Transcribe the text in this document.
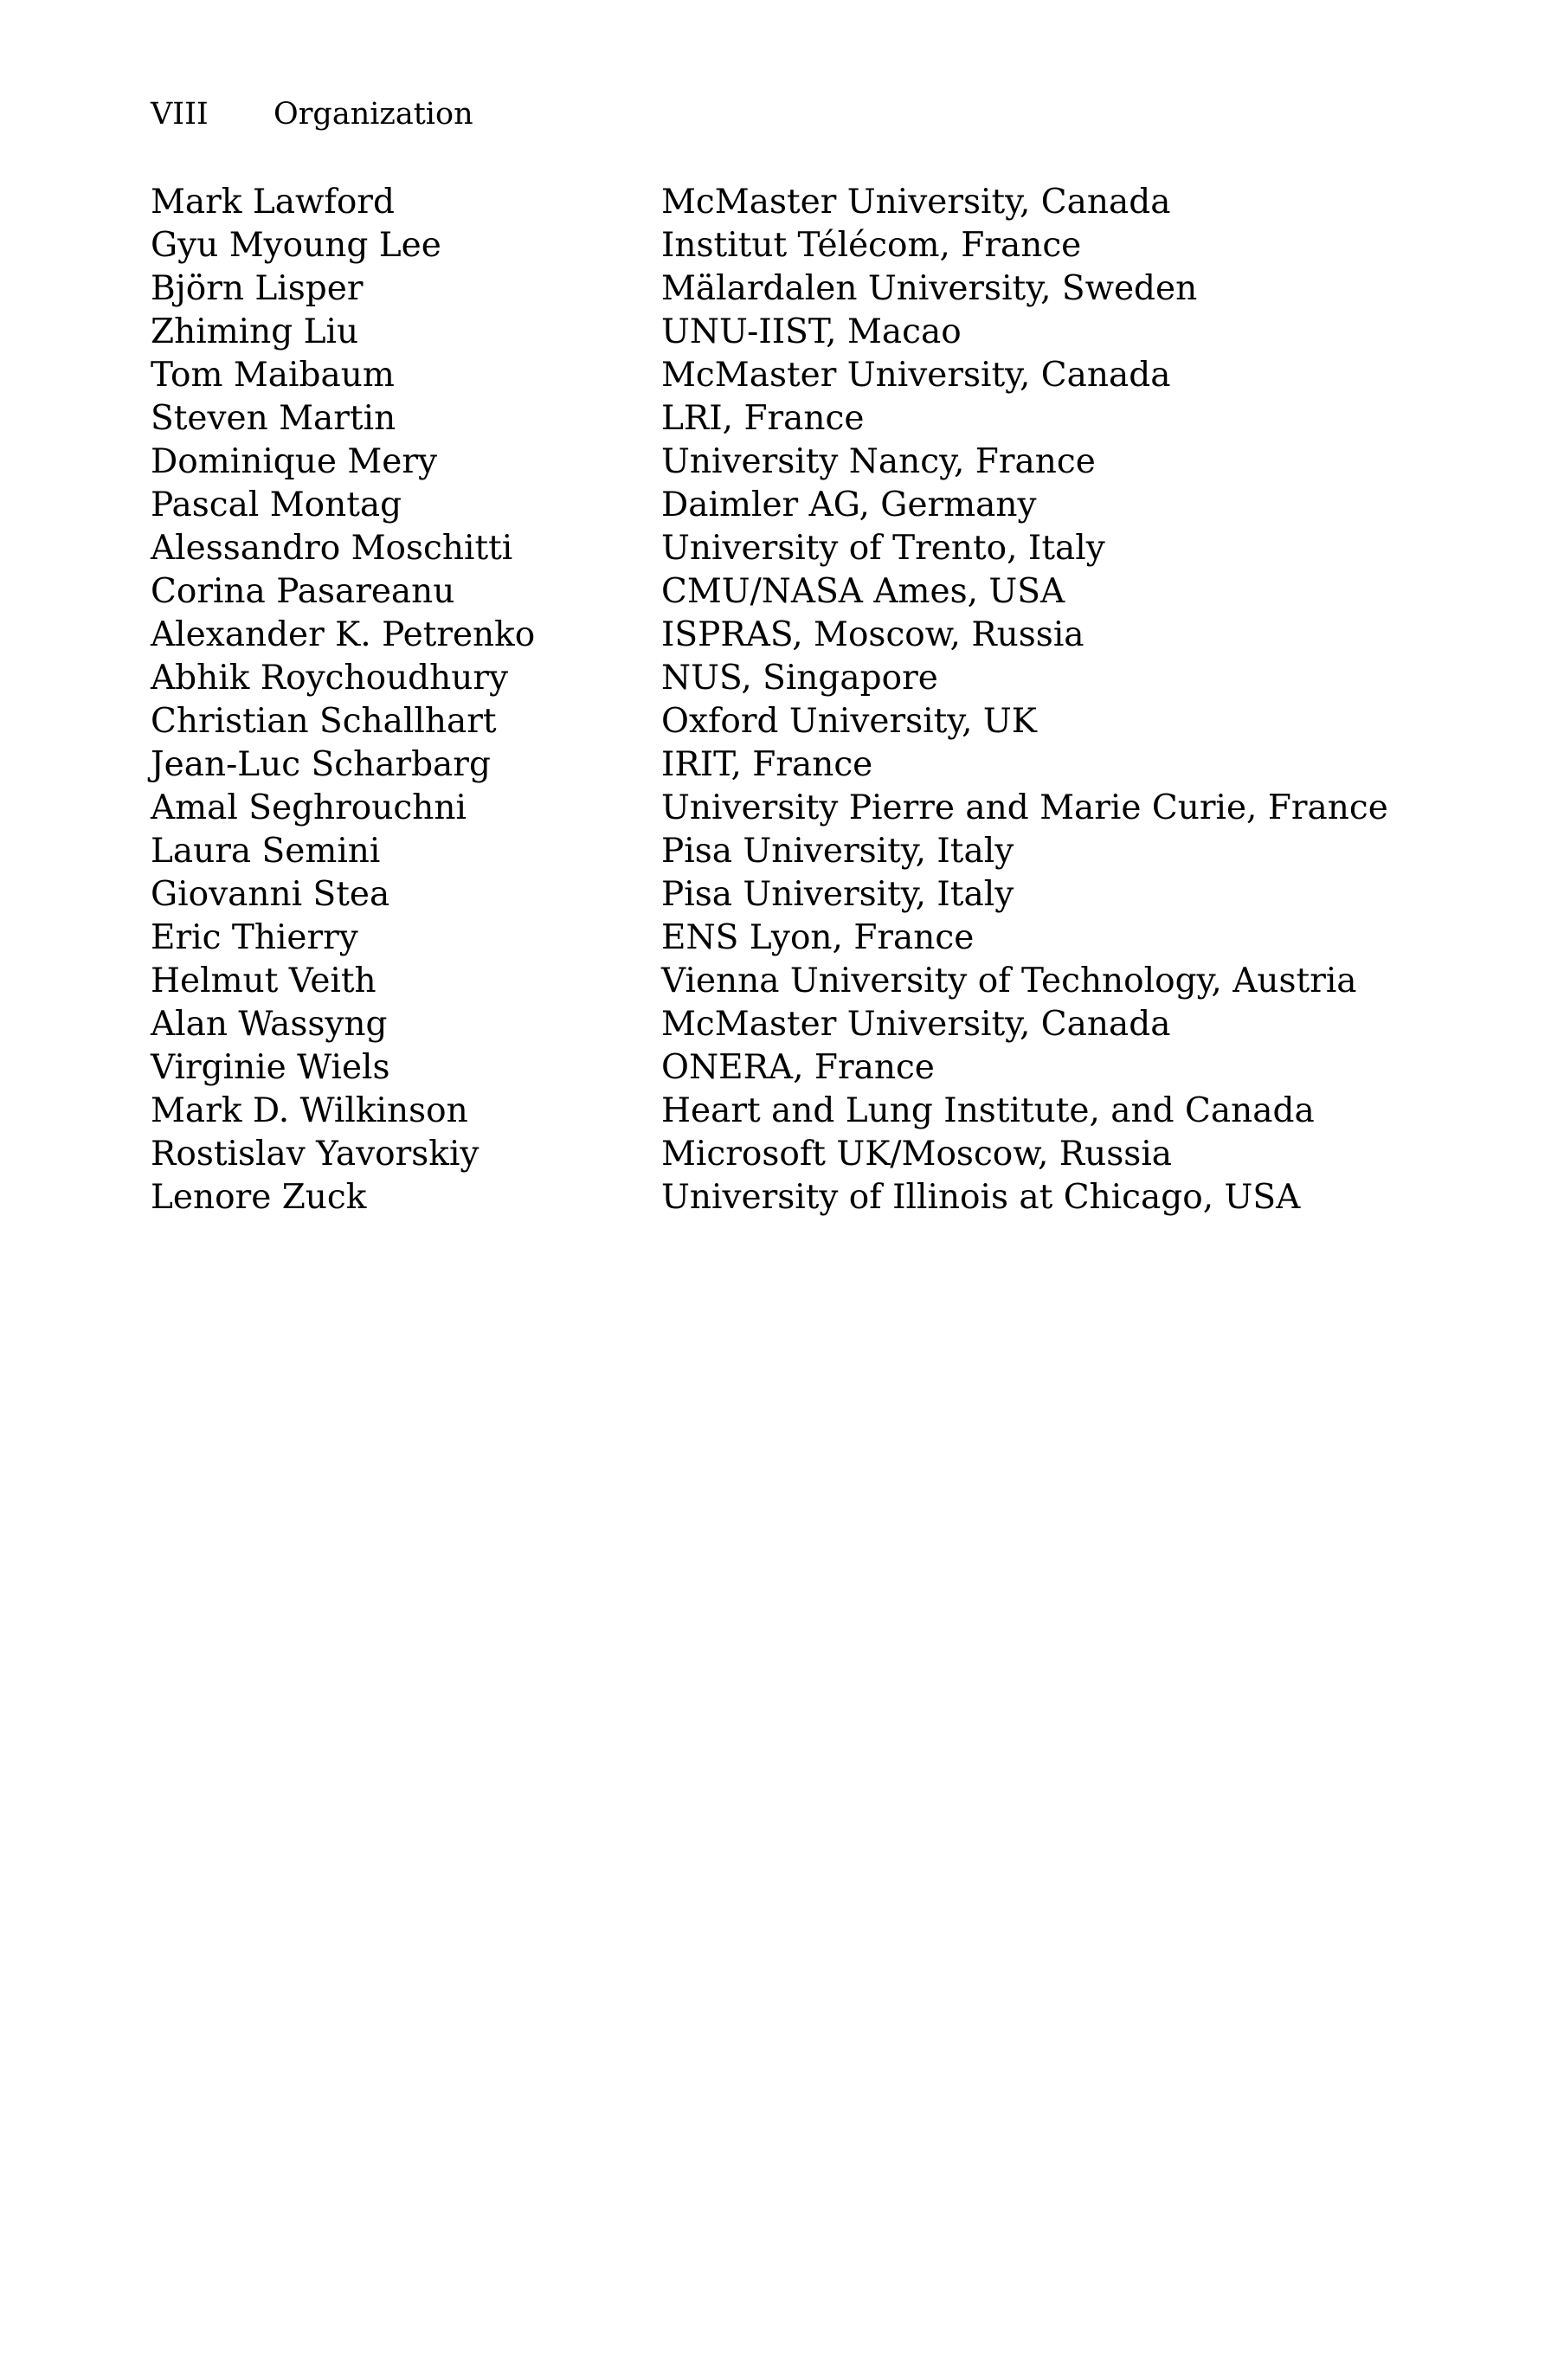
VIII Organization
Mark Lawford	McMaster University, Canada
Gyu Myoung Lee	Institut Télécom, France
Björn Lisper	Mälardalen University, Sweden
Zhiming Liu	UNU-IIST, Macao
Tom Maibaum	McMaster University, Canada
Steven Martin	LRI, France
Dominique Mery	University Nancy, France
Pascal Montag	Daimler AG, Germany
Alessandro Moschitti	University of Trento, Italy
Corina Pasareanu	CMU/NASA Ames, USA
Alexander K. Petrenko	ISPRAS, Moscow, Russia
Abhik Roychoudhury	NUS, Singapore
Christian Schallhart	Oxford University, UK
Jean-Luc Scharbarg	IRIT, France
Amal Seghrouchni	University Pierre and Marie Curie, France
Laura Semini	Pisa University, Italy
Giovanni Stea	Pisa University, Italy
Eric Thierry	ENS Lyon, France
Helmut Veith	Vienna University of Technology, Austria
Alan Wassyng	McMaster University, Canada
Virginie Wiels	ONERA, France
Mark D. Wilkinson	Heart and Lung Institute, and Canada
Rostislav Yavorskiy	Microsoft UK/Moscow, Russia
Lenore Zuck	University of Illinois at Chicago, USA
